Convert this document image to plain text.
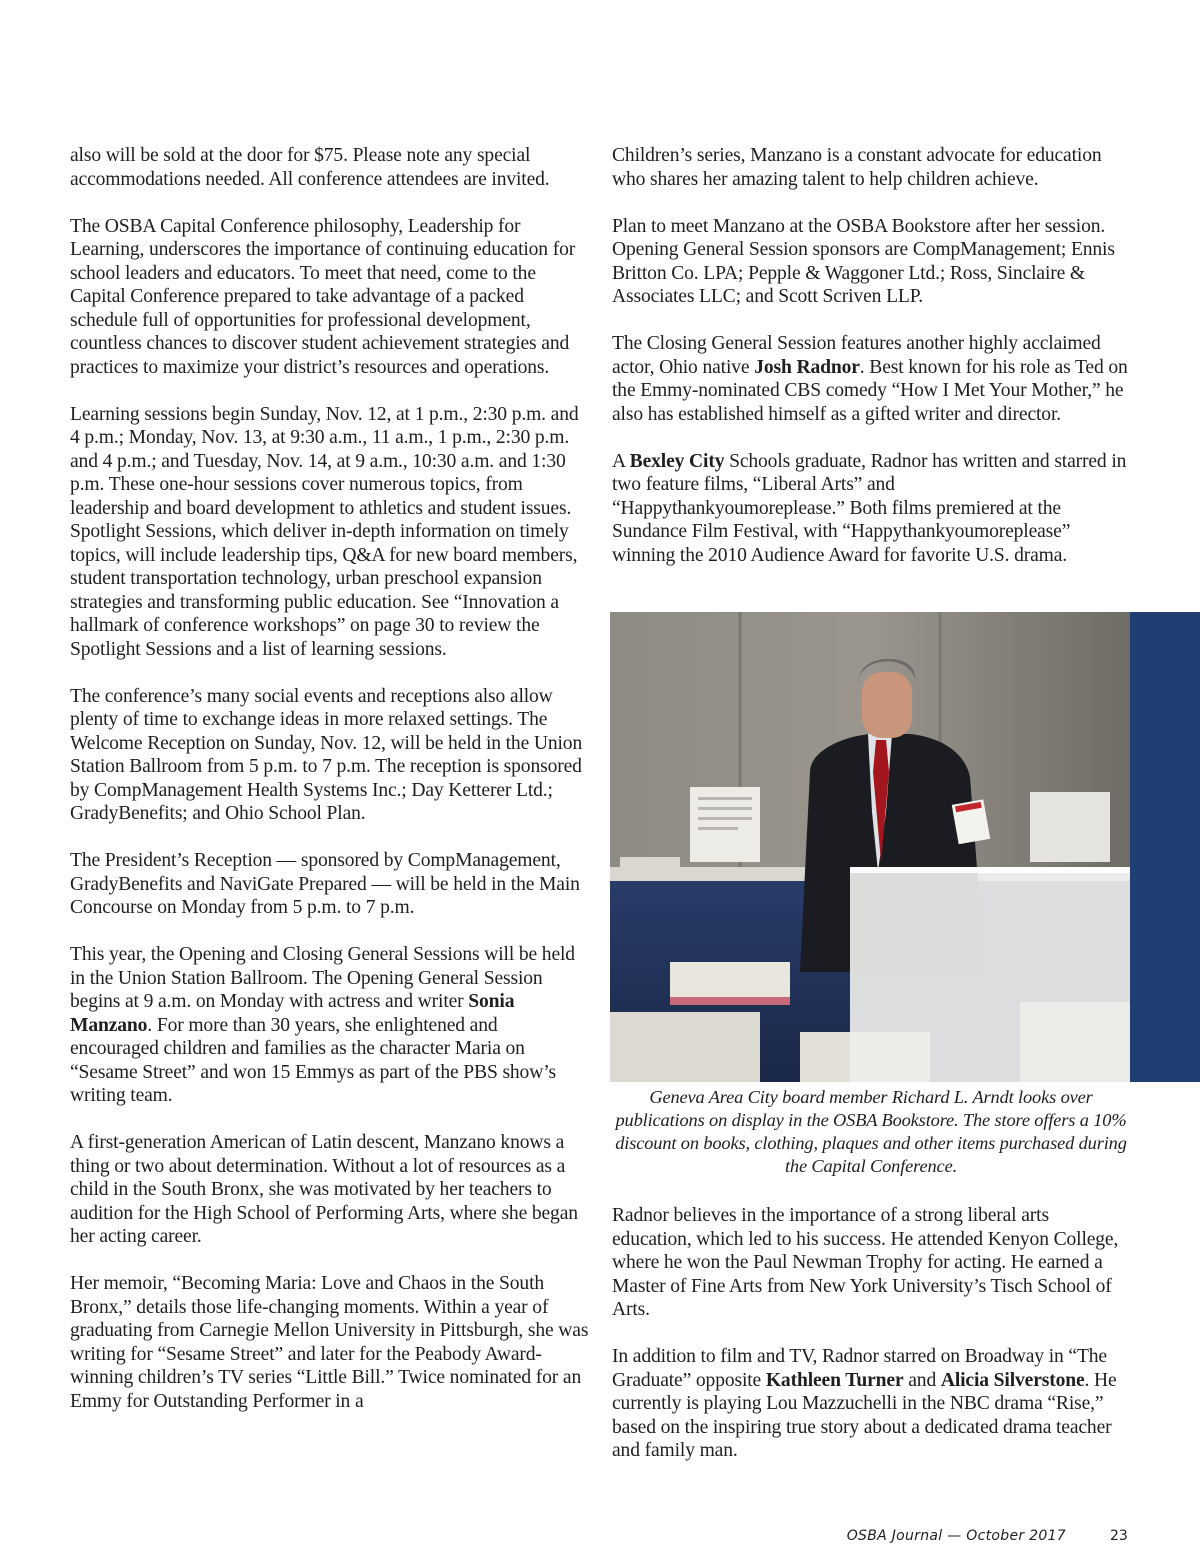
also will be sold at the door for $75. Please note any special accommodations needed. All conference attendees are invited.

The OSBA Capital Conference philosophy, Leadership for Learning, underscores the importance of continuing education for school leaders and educators. To meet that need, come to the Capital Conference prepared to take advantage of a packed schedule full of opportunities for professional development, countless chances to discover student achievement strategies and practices to maximize your district’s resources and operations.

Learning sessions begin Sunday, Nov. 12, at 1 p.m., 2:30 p.m. and 4 p.m.; Monday, Nov. 13, at 9:30 a.m., 11 a.m., 1 p.m., 2:30 p.m. and 4 p.m.; and Tuesday, Nov. 14, at 9 a.m., 10:30 a.m. and 1:30 p.m. These one-hour sessions cover numerous topics, from leadership and board development to athletics and student issues. Spotlight Sessions, which deliver in-depth information on timely topics, will include leadership tips, Q&A for new board members, student transportation technology, urban preschool expansion strategies and transforming public education. See “Innovation a hallmark of conference workshops” on page 30 to review the Spotlight Sessions and a list of learning sessions.

The conference’s many social events and receptions also allow plenty of time to exchange ideas in more relaxed settings. The Welcome Reception on Sunday, Nov. 12, will be held in the Union Station Ballroom from 5 p.m. to 7 p.m. The reception is sponsored by CompManagement Health Systems Inc.; Day Ketterer Ltd.; GradyBenefits; and Ohio School Plan.

The President’s Reception — sponsored by CompManagement, GradyBenefits and NaviGate Prepared — will be held in the Main Concourse on Monday from 5 p.m. to 7 p.m.

This year, the Opening and Closing General Sessions will be held in the Union Station Ballroom. The Opening General Session begins at 9 a.m. on Monday with actress and writer Sonia Manzano. For more than 30 years, she enlightened and encouraged children and families as the character Maria on “Sesame Street” and won 15 Emmys as part of the PBS show’s writing team.

A first-generation American of Latin descent, Manzano knows a thing or two about determination. Without a lot of resources as a child in the South Bronx, she was motivated by her teachers to audition for the High School of Performing Arts, where she began her acting career.

Her memoir, “Becoming Maria: Love and Chaos in the South Bronx,” details those life-changing moments. Within a year of graduating from Carnegie Mellon University in Pittsburgh, she was writing for “Sesame Street” and later for the Peabody Award-winning children’s TV series “Little Bill.” Twice nominated for an Emmy for Outstanding Performer in a

Children’s series, Manzano is a constant advocate for education who shares her amazing talent to help children achieve.

Plan to meet Manzano at the OSBA Bookstore after her session. Opening General Session sponsors are CompManagement; Ennis Britton Co. LPA; Pepple & Waggoner Ltd.; Ross, Sinclaire & Associates LLC; and Scott Scriven LLP.

The Closing General Session features another highly acclaimed actor, Ohio native Josh Radnor. Best known for his role as Ted on the Emmy-nominated CBS comedy “How I Met Your Mother,” he also has established himself as a gifted writer and director.

A Bexley City Schools graduate, Radnor has written and starred in two feature films, “Liberal Arts” and “Happythankyoumoreplease.” Both films premiered at the Sundance Film Festival, with “Happythankyoumoreplease” winning the 2010 Audience Award for favorite U.S. drama.

Geneva Area City board member Richard L. Arndt looks over publications on display in the OSBA Bookstore. The store offers a 10% discount on books, clothing, plaques and other items purchased during the Capital Conference.

Radnor believes in the importance of a strong liberal arts education, which led to his success. He attended Kenyon College, where he won the Paul Newman Trophy for acting. He earned a Master of Fine Arts from New York University’s Tisch School of Arts.

In addition to film and TV, Radnor starred on Broadway in “The Graduate” opposite Kathleen Turner and Alicia Silverstone. He currently is playing Lou Mazzuchelli in the NBC drama “Rise,” based on the inspiring true story about a dedicated drama teacher and family man.

OSBA Journal — October 2017	23
